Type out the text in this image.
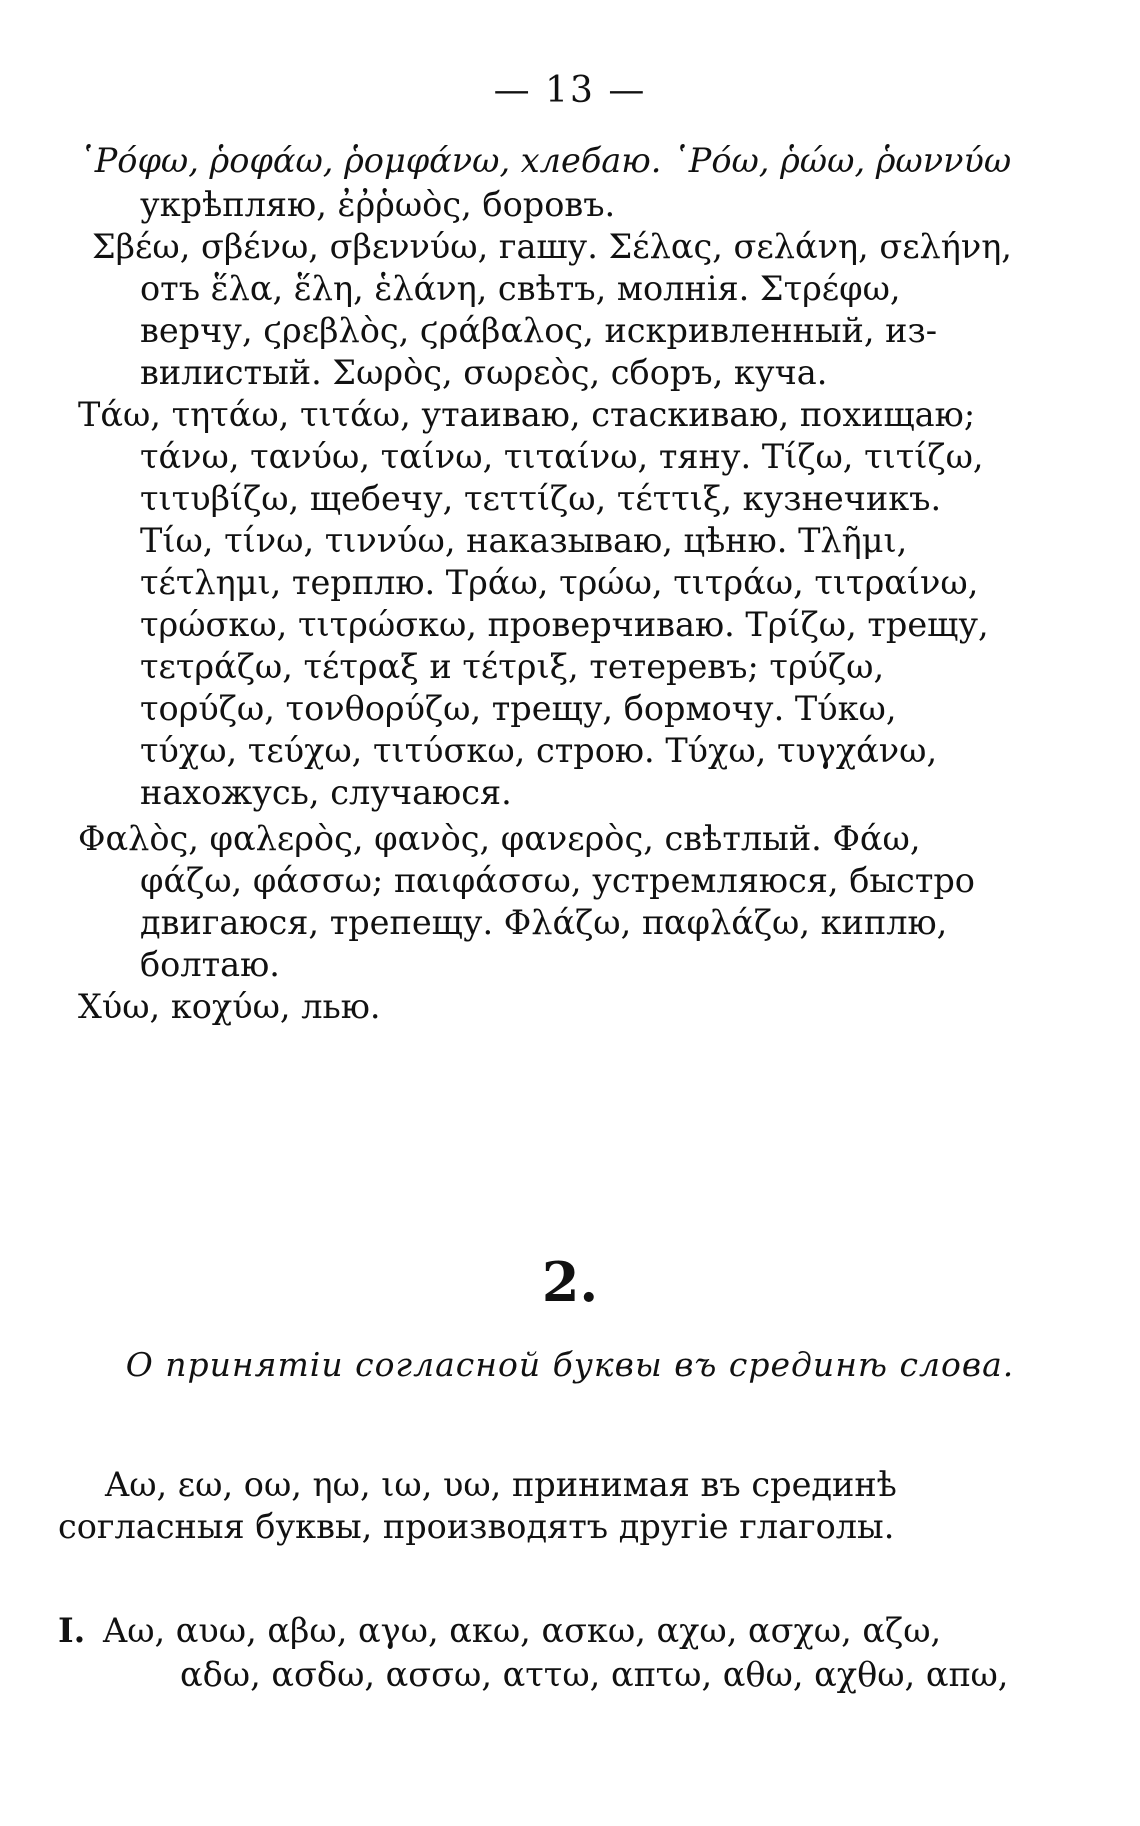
— 13 —
῾Ρόφω, ῥοφάω, ῥομφάνω, хлебаю. ῾Ρόω, ῥώω, ῥωννύω
укрѣпляю, ἐῤῥωὸς, боровъ.
Σβέω, σβένω, σβεννύω, гашу. Σέλας, σελάνη, σελήνη,
отъ ἕλα, ἕλη, ἑλάνη, свѣтъ, молнія. Στρέφω,
верчу, ϛρεβλὸς, ϛράβαλος, искривленный, из-
вилистый. Σωρὸς, σωρεὸς, сборъ, куча.
Τάω, τητάω, τιτάω, утаиваю, стаскиваю, похищаю;
τάνω, τανύω, ταίνω, τιταίνω, тяну. Τίζω, τιτίζω,
τιτυβίζω, щебечу, τεττίζω, τέττιξ, кузнечикъ.
Τίω, τίνω, τιννύω, наказываю, цѣню. Τλῆμι,
τέτλημι, терплю. Τράω, τρώω, τιτράω, τιτραίνω,
τρώσκω, τιτρώσκω, проверчиваю. Τρίζω, трещу,
τετράζω, τέτραξ и τέτριξ, тетеревъ; τρύζω,
τορύζω, τονθορύζω, трещу, бормочу. Τύκω,
τύχω, τεύχω, τιτύσκω, строю. Τύχω, τυγχάνω,
нахожусь, случаюся.
Φαλὸς, φαλερὸς, φανὸς, φανερὸς, свѣтлый. Φάω,
φάζω, φάσσω; παιφάσσω, устремляюся, быстро
двигаюся, трепещу. Φλάζω, παφλάζω, киплю,
болтаю.
Χύω, κοχύω, лью.
2.
О принятіи согласной буквы въ срединѣ слова.
Αω, εω, οω, ηω, ιω, υω, принимая въ срединѣ
согласныя буквы, производятъ другіе глаголы.
I. Αω, αυω, αβω, αγω, ακω, ασκω, αχω, ασχω, αζω,
αδω, ασδω, ασσω, αττω, απτω, αθω, αχθω, απω,
